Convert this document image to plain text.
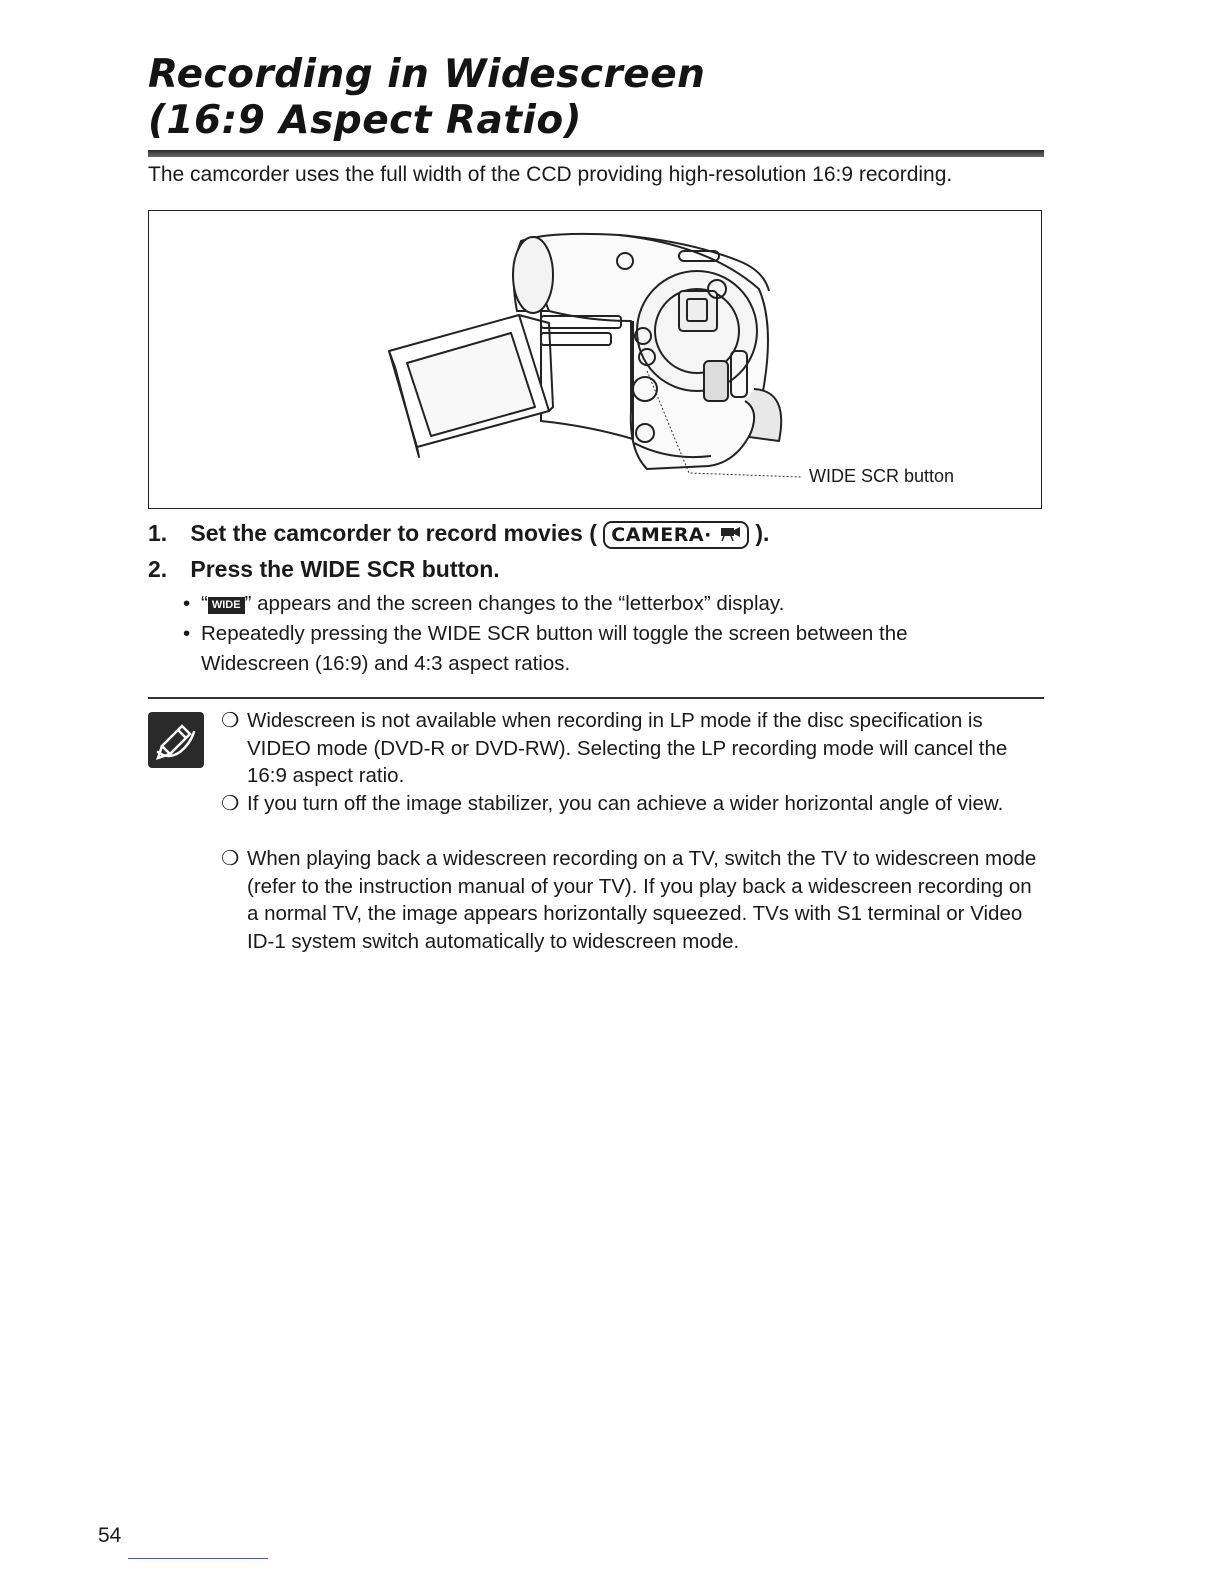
Recording in Widescreen
(16:9 Aspect Ratio)
The camcorder uses the full width of the CCD providing high-resolution 16:9 recording.
WIDE SCR button
1. Set the camcorder to record movies ( CAMERA· ).
2. Press the WIDE SCR button.
• “ WIDE ” appears and the screen changes to the “letterbox” display.
• Repeatedly pressing the WIDE SCR button will toggle the screen between the Widescreen (16:9) and 4:3 aspect ratios.
❍ Widescreen is not available when recording in LP mode if the disc specification is VIDEO mode (DVD-R or DVD-RW). Selecting the LP recording mode will cancel the 16:9 aspect ratio.
❍ If you turn off the image stabilizer, you can achieve a wider horizontal angle of view.
❍ When playing back a widescreen recording on a TV, switch the TV to widescreen mode (refer to the instruction manual of your TV). If you play back a widescreen recording on a normal TV, the image appears horizontally squeezed. TVs with S1 terminal or Video ID-1 system switch automatically to widescreen mode.
54
